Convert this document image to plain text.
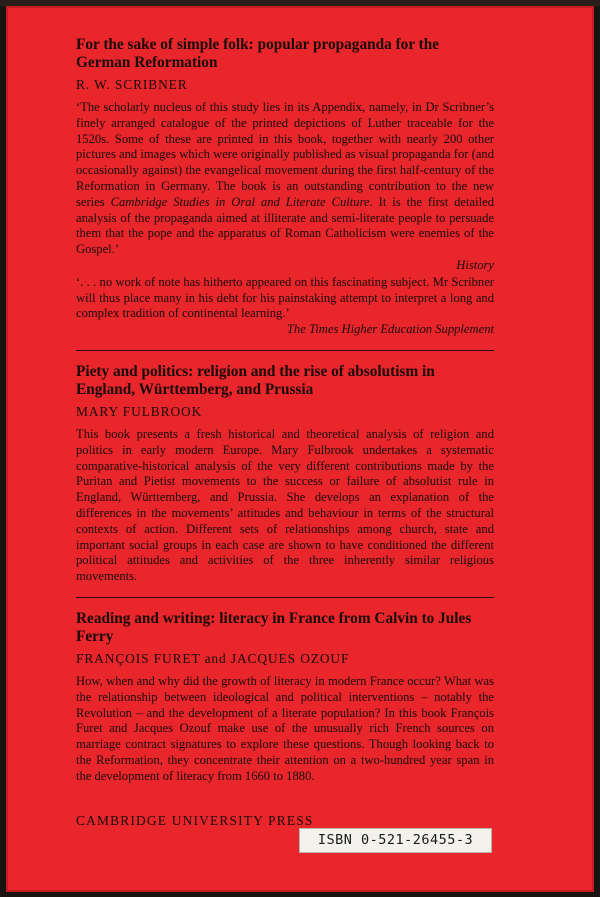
For the sake of simple folk: popular propaganda for the German Reformation

R. W. SCRIBNER

‘The scholarly nucleus of this study lies in its Appendix, namely, in Dr Scribner’s finely arranged catalogue of the printed depictions of Luther traceable for the 1520s. Some of these are printed in this book, together with nearly 200 other pictures and images which were originally published as visual propaganda for (and occasionally against) the evangelical movement during the first half-century of the Reformation in Germany. The book is an outstanding contribution to the new series Cambridge Studies in Oral and Literate Culture. It is the first detailed analysis of the propaganda aimed at illiterate and semi-literate people to persuade them that the pope and the apparatus of Roman Catholicism were enemies of the Gospel.’

History

‘. . . no work of note has hitherto appeared on this fascinating subject. Mr Scribner will thus place many in his debt for his painstaking attempt to interpret a long and complex tradition of continental learning.’

The Times Higher Education Supplement

Piety and politics: religion and the rise of absolutism in England, Württemberg, and Prussia

MARY FULBROOK

This book presents a fresh historical and theoretical analysis of religion and politics in early modern Europe. Mary Fulbrook undertakes a systematic comparative-historical analysis of the very different contributions made by the Puritan and Pietist movements to the success or failure of absolutist rule in England, Württemberg, and Prussia. She develops an explanation of the differences in the movements’ attitudes and behaviour in terms of the structural contexts of action. Different sets of relationships among church, state and important social groups in each case are shown to have conditioned the different political attitudes and activities of the three inherently similar religious movements.

Reading and writing: literacy in France from Calvin to Jules Ferry

FRANÇOIS FURET and JACQUES OZOUF

How, when and why did the growth of literacy in modern France occur? What was the relationship between ideological and political interventions – notably the Revolution – and the development of a literate population? In this book François Furet and Jacques Ozouf make use of the unusually rich French sources on marriage contract signatures to explore these questions. Though looking back to the Reformation, they concentrate their attention on a two-hundred year span in the development of literacy from 1660 to 1880.

CAMBRIDGE UNIVERSITY PRESS
ISBN 0-521-26455-3
